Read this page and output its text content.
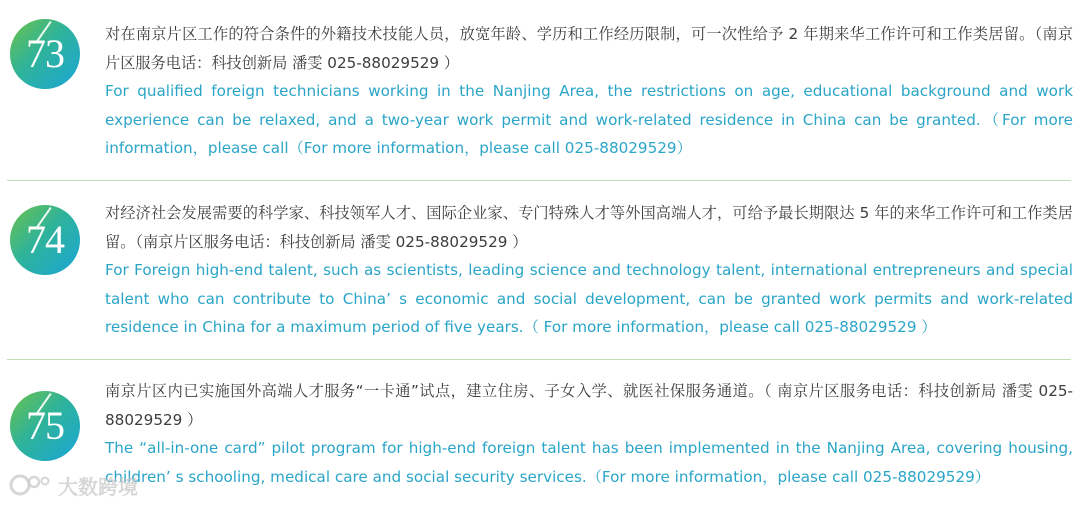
73	对在南京片区工作的符合条件的外籍技术技能人员，放宽年龄、学历和工作经历限制，可一次性给予 2 年期来华工作许可和工作类居留。（南京片区服务电话：科技创新局 潘雯 025-88029529 ）

For qualified foreign technicians working in the Nanjing Area, the restrictions on age, educational background and work experience can be relaxed, and a two-year work permit and work-related residence in China can be granted.（For more information，please call（For more information，please call 025-88029529）

74

对经济社会发展需要的科学家、科技领军人才、国际企业家、专门特殊人才等外国高端人才，可给予最长期限达 5 年的来华工作许可和工作类居留。（南京片区服务电话：科技创新局 潘雯 025-88029529 ）

For Foreign high-end talent, such as scientists, leading science and technology talent, international entrepreneurs and special talent who can contribute to China’ s economic and social development, can be granted work permits and work-related residence in China for a maximum period of five years.（ For more information，please call 025-88029529 ）

75

南京片区内已实施国外高端人才服务“一卡通”试点，建立住房、子女入学、就医社保服务通道。（ 南京片区服务电话：科技创新局 潘雯 025-88029529 ）

The “all-in-one card” pilot program for high-end foreign talent has been implemented in the Nanjing Area, covering housing, children’ s schooling, medical care and social security services.（For more information，please call 025-88029529）

大数跨境
